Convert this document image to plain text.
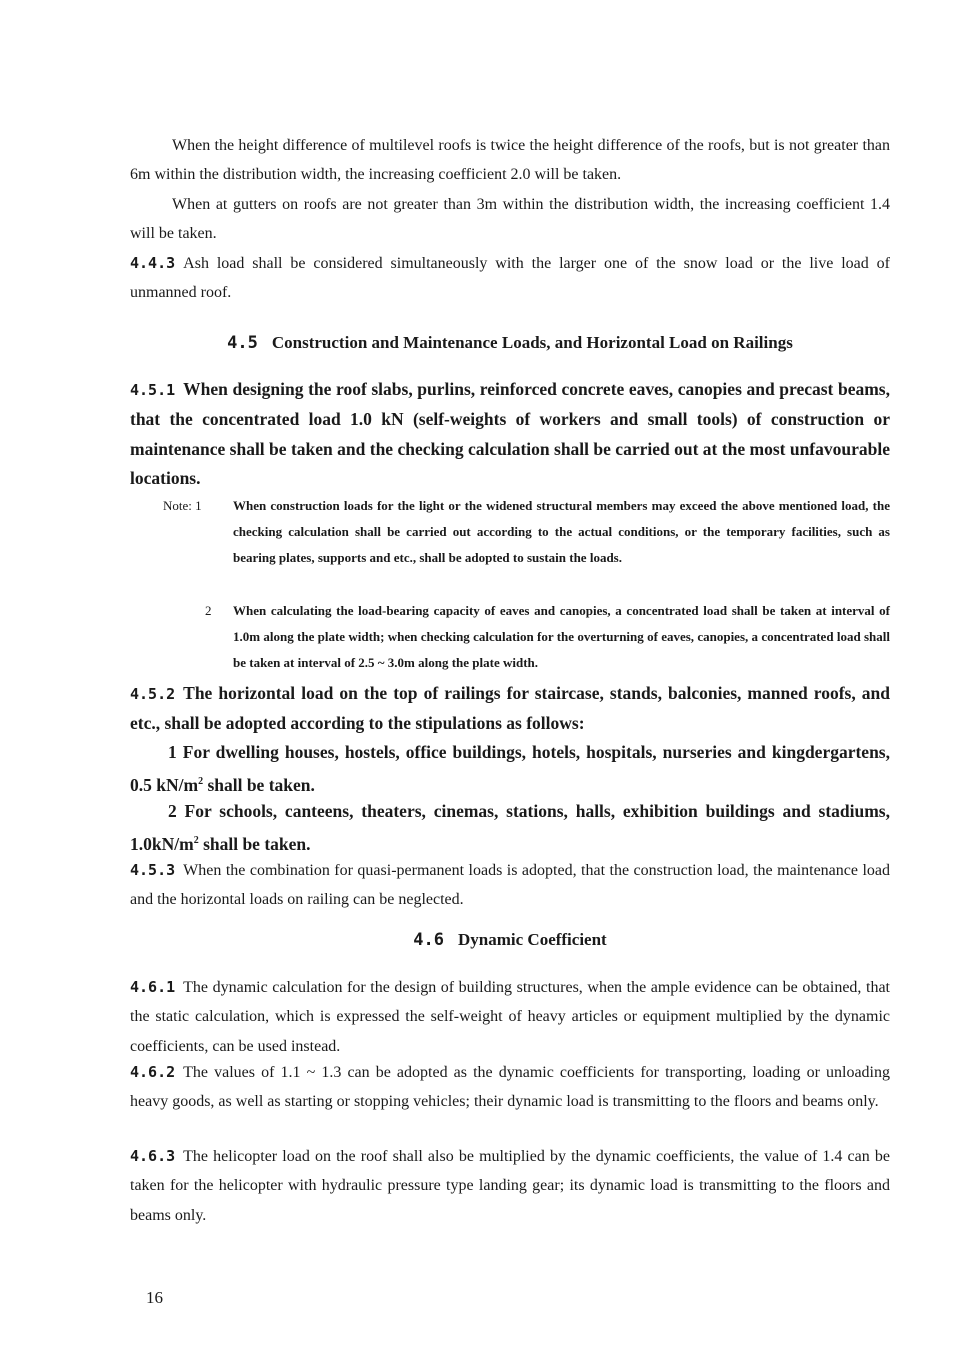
When the height difference of multilevel roofs is twice the height difference of the roofs, but is not greater than 6m within the distribution width, the increasing coefficient 2.0 will be taken.

When at gutters on roofs are not greater than 3m within the distribution width, the increasing coefficient 1.4 will be taken.

4.4.3 Ash load shall be considered simultaneously with the larger one of the snow load or the live load of unmanned roof.

4.5 Construction and Maintenance Loads, and Horizontal Load on Railings

4.5.1 When designing the roof slabs, purlins, reinforced concrete eaves, canopies and precast beams, that the concentrated load 1.0 kN (self-weights of workers and small tools) of construction or maintenance shall be taken and the checking calculation shall be carried out at the most unfavourable locations.

Note: 1 When construction loads for the light or the widened structural members may exceed the above mentioned load, the checking calculation shall be carried out according to the actual conditions, or the temporary facilities, such as bearing plates, supports and etc., shall be adopted to sustain the loads.
2 When calculating the load-bearing capacity of eaves and canopies, a concentrated load shall be taken at interval of 1.0m along the plate width; when checking calculation for the overturning of eaves, canopies, a concentrated load shall be taken at interval of 2.5 ~ 3.0m along the plate width.

4.5.2 The horizontal load on the top of railings for staircase, stands, balconies, manned roofs, and etc., shall be adopted according to the stipulations as follows:

1 For dwelling houses, hostels, office buildings, hotels, hospitals, nurseries and kingdergartens, 0.5 $kN/m^2$ shall be taken.

2 For schools, canteens, theaters, cinemas, stations, halls, exhibition buildings and stadiums, $1.0kN/m^2$ shall be taken.

4.5.3 When the combination for quasi-permanent loads is adopted, that the construction load, the maintenance load and the horizontal loads on railing can be neglected.

4.6 Dynamic Coefficient

4.6.1 The dynamic calculation for the design of building structures, when the ample evidence can be obtained, that the static calculation, which is expressed the self-weight of heavy articles or equipment multiplied by the dynamic coefficients, can be used instead.

4.6.2 The values of 1.1 ~ 1.3 can be adopted as the dynamic coefficients for transporting, loading or unloading heavy goods, as well as starting or stopping vehicles; their dynamic load is transmitting to the floors and beams only.

4.6.3 The helicopter load on the roof shall also be multiplied by the dynamic coefficients, the value of 1.4 can be taken for the helicopter with hydraulic pressure type landing gear; its dynamic load is transmitting to the floors and beams only.

16
